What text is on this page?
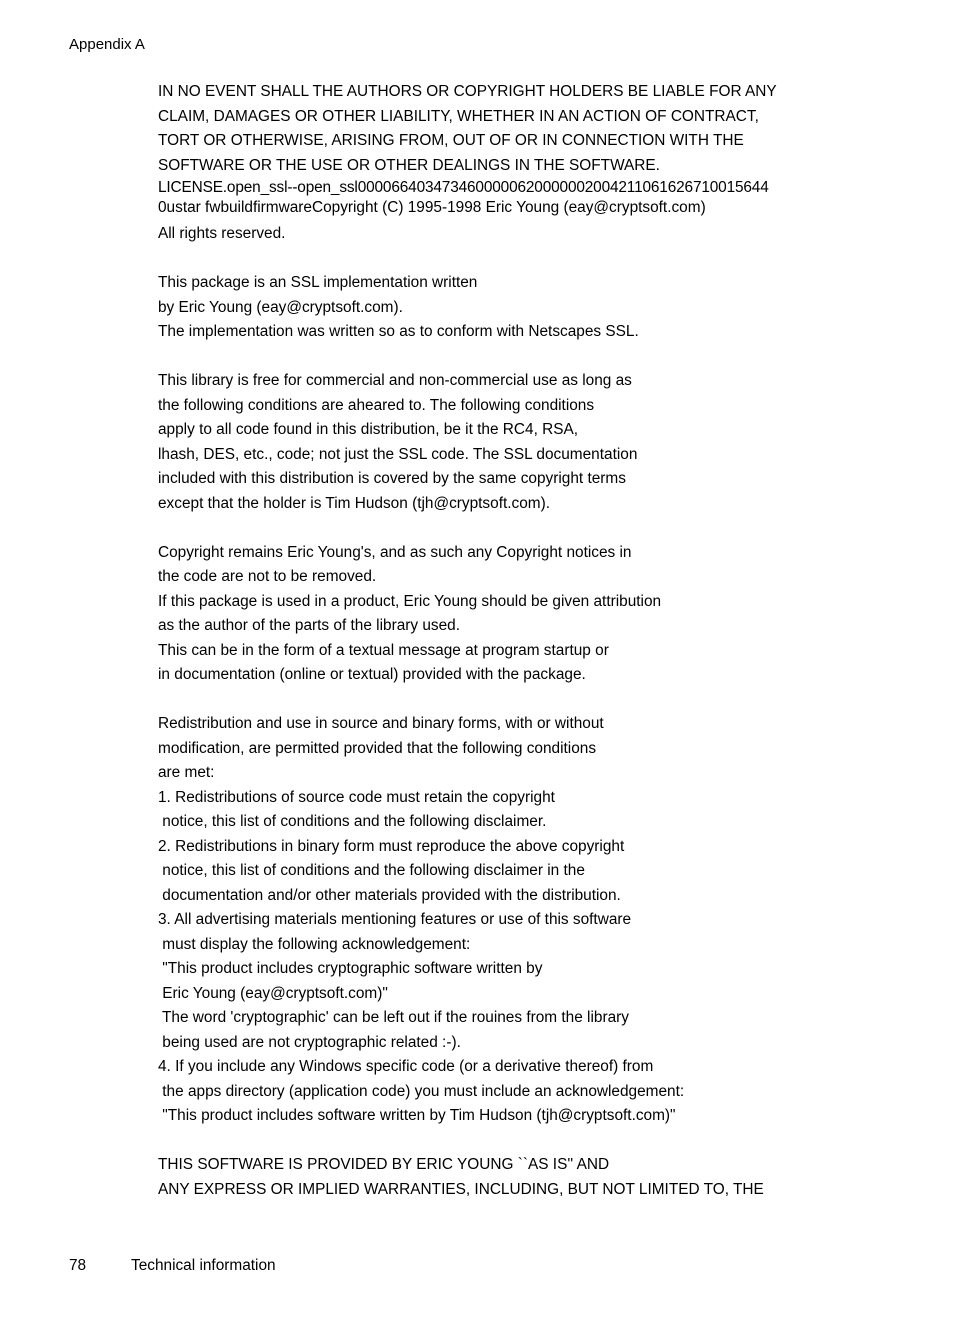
Appendix A
IN NO EVENT SHALL THE AUTHORS OR COPYRIGHT HOLDERS BE LIABLE FOR ANY
CLAIM, DAMAGES OR OTHER LIABILITY, WHETHER IN AN ACTION OF CONTRACT,
TORT OR OTHERWISE, ARISING FROM, OUT OF OR IN CONNECTION WITH THE
SOFTWARE OR THE USE OR OTHER DEALINGS IN THE SOFTWARE.
LICENSE.open_ssl--open_ssl0000664034734600000620000002004211061626710015644
0ustar fwbuildfirmwareCopyright (C) 1995-1998 Eric Young (eay@cryptsoft.com)
All rights reserved.
This package is an SSL implementation written
by Eric Young (eay@cryptsoft.com).
The implementation was written so as to conform with Netscapes SSL.
This library is free for commercial and non-commercial use as long as
the following conditions are aheared to. The following conditions
apply to all code found in this distribution, be it the RC4, RSA,
lhash, DES, etc., code; not just the SSL code. The SSL documentation
included with this distribution is covered by the same copyright terms
except that the holder is Tim Hudson (tjh@cryptsoft.com).
Copyright remains Eric Young's, and as such any Copyright notices in
the code are not to be removed.
If this package is used in a product, Eric Young should be given attribution
as the author of the parts of the library used.
This can be in the form of a textual message at program startup or
in documentation (online or textual) provided with the package.
Redistribution and use in source and binary forms, with or without
modification, are permitted provided that the following conditions
are met:
1. Redistributions of source code must retain the copyright
notice, this list of conditions and the following disclaimer.
2. Redistributions in binary form must reproduce the above copyright
notice, this list of conditions and the following disclaimer in the
documentation and/or other materials provided with the distribution.
3. All advertising materials mentioning features or use of this software
must display the following acknowledgement:
"This product includes cryptographic software written by
Eric Young (eay@cryptsoft.com)"
The word 'cryptographic' can be left out if the rouines from the library
being used are not cryptographic related :-).
4. If you include any Windows specific code (or a derivative thereof) from
the apps directory (application code) you must include an acknowledgement:
"This product includes software written by Tim Hudson (tjh@cryptsoft.com)"
THIS SOFTWARE IS PROVIDED BY ERIC YOUNG ``AS IS'' AND
ANY EXPRESS OR IMPLIED WARRANTIES, INCLUDING, BUT NOT LIMITED TO, THE
78	Technical information
